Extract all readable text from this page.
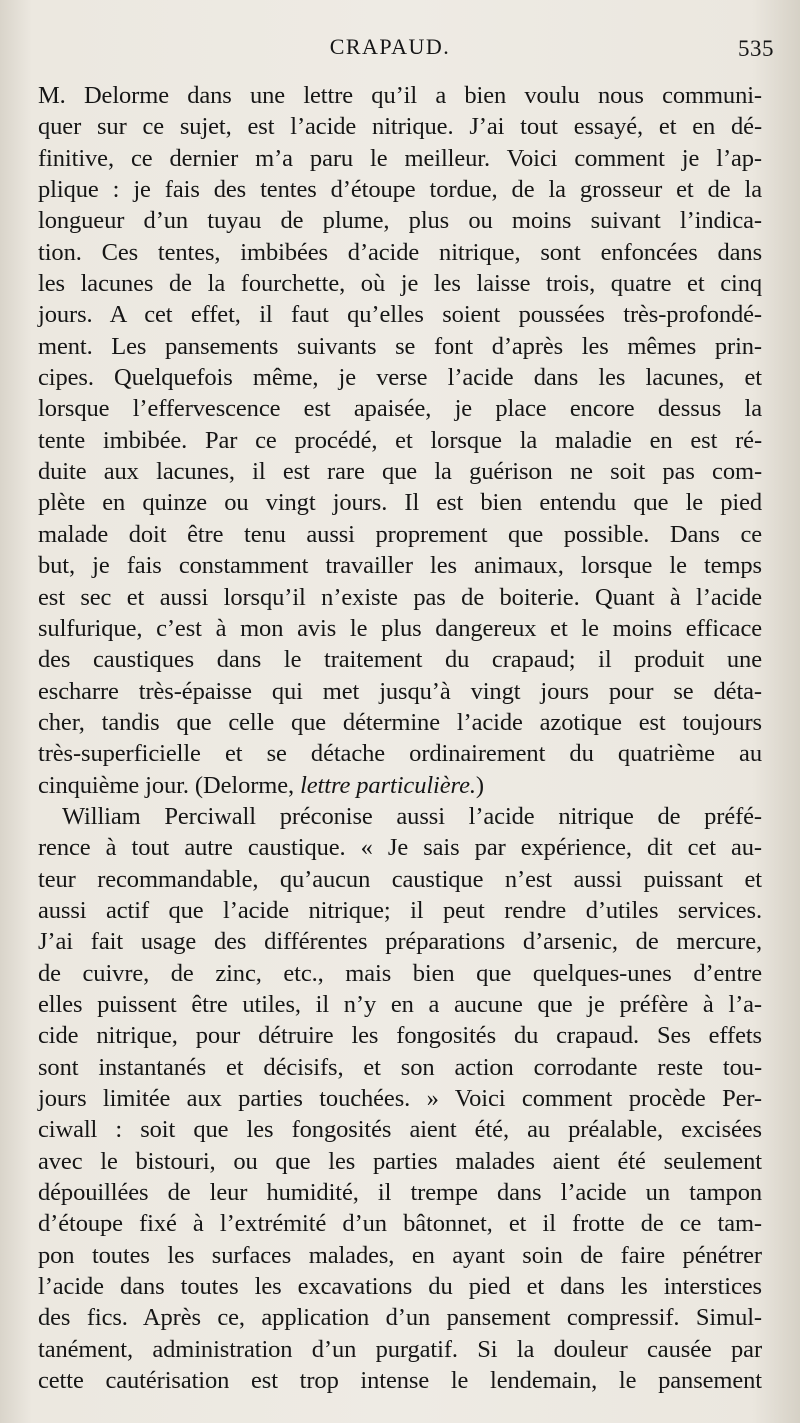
CRAPAUD.	535
M. Delorme dans une lettre qu’il a bien voulu nous communi-
quer sur ce sujet, est l’acide nitrique. J’ai tout essayé, et en dé-
finitive, ce dernier m’a paru le meilleur. Voici comment je l’ap-
plique : je fais des tentes d’étoupe tordue, de la grosseur et de la
longueur d’un tuyau de plume, plus ou moins suivant l’indica-
tion. Ces tentes, imbibées d’acide nitrique, sont enfoncées dans
les lacunes de la fourchette, où je les laisse trois, quatre et cinq
jours. A cet effet, il faut qu’elles soient poussées très-profondé-
ment. Les pansements suivants se font d’après les mêmes prin-
cipes. Quelquefois même, je verse l’acide dans les lacunes, et
lorsque l’effervescence est apaisée, je place encore dessus la
tente imbibée. Par ce procédé, et lorsque la maladie en est ré-
duite aux lacunes, il est rare que la guérison ne soit pas com-
plète en quinze ou vingt jours. Il est bien entendu que le pied
malade doit être tenu aussi proprement que possible. Dans ce
but, je fais constamment travailler les animaux, lorsque le temps
est sec et aussi lorsqu’il n’existe pas de boiterie. Quant à l’acide
sulfurique, c’est à mon avis le plus dangereux et le moins efficace
des caustiques dans le traitement du crapaud; il produit une
escharre très-épaisse qui met jusqu’à vingt jours pour se déta-
cher, tandis que celle que détermine l’acide azotique est toujours
très-superficielle et se détache ordinairement du quatrième au
cinquième jour. (Delorme, lettre particulière.)
William Perciwall préconise aussi l’acide nitrique de préfé-
rence à tout autre caustique. « Je sais par expérience, dit cet au-
teur recommandable, qu’aucun caustique n’est aussi puissant et
aussi actif que l’acide nitrique; il peut rendre d’utiles services.
J’ai fait usage des différentes préparations d’arsenic, de mercure,
de cuivre, de zinc, etc., mais bien que quelques-unes d’entre
elles puissent être utiles, il n’y en a aucune que je préfère à l’a-
cide nitrique, pour détruire les fongosités du crapaud. Ses effets
sont instantanés et décisifs, et son action corrodante reste tou-
jours limitée aux parties touchées. » Voici comment procède Per-
ciwall : soit que les fongosités aient été, au préalable, excisées
avec le bistouri, ou que les parties malades aient été seulement
dépouillées de leur humidité, il trempe dans l’acide un tampon
d’étoupe fixé à l’extrémité d’un bâtonnet, et il frotte de ce tam-
pon toutes les surfaces malades, en ayant soin de faire pénétrer
l’acide dans toutes les excavations du pied et dans les interstices
des fics. Après ce, application d’un pansement compressif. Simul-
tanément, administration d’un purgatif. Si la douleur causée par
cette cautérisation est trop intense le lendemain, le pansement
